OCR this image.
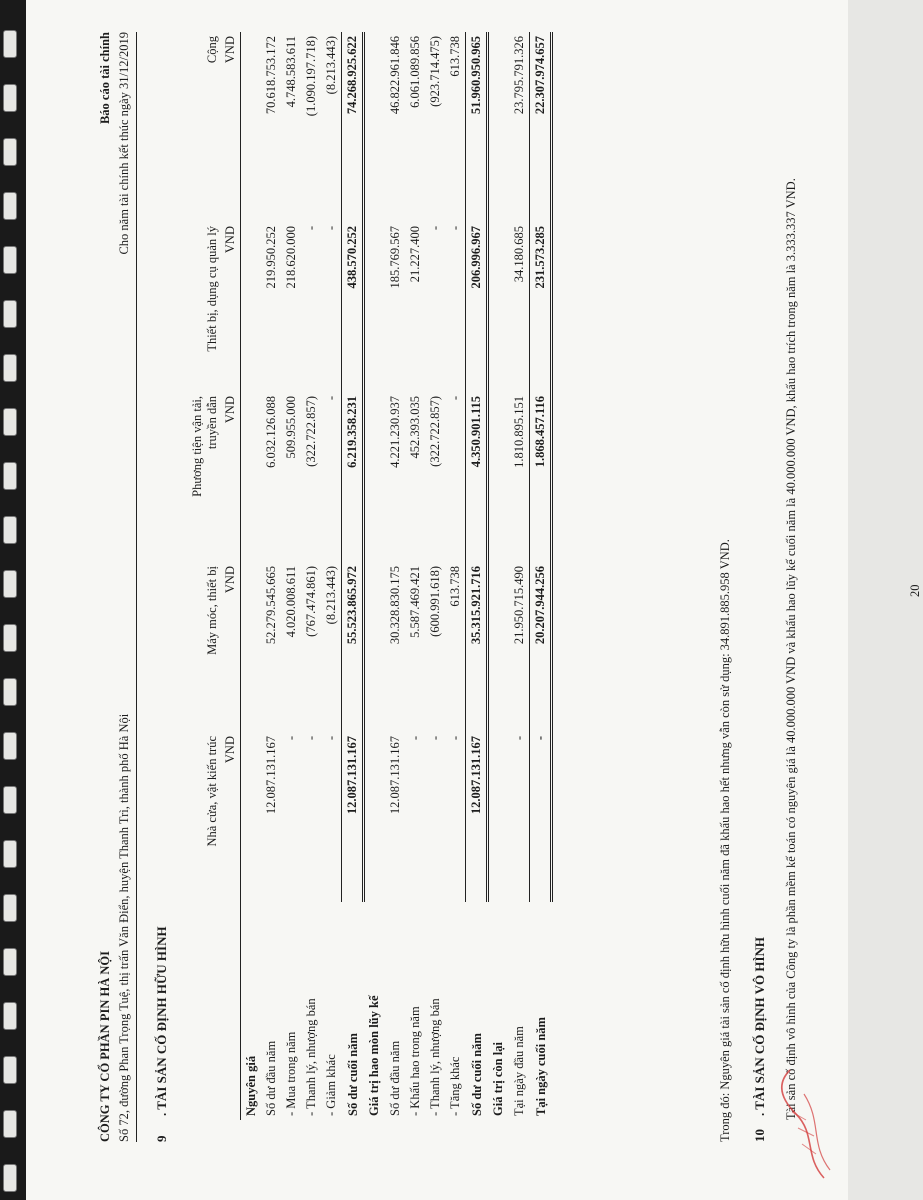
CÔNG TY CỔ PHẦN PIN HÀ NỘI Số 72, đường Phan Trọng Tuệ, thị trấn Văn Điển, huyện Thanh Trì, thành phố Hà Nội
Báo cáo tài chính Cho năm tài chính kết thúc ngày 31/12/2019
9. TÀI SẢN CỐ ĐỊNH HỮU HÌNH
	Nhà cửa, vật kiến trúc	Máy móc, thiết bị	Phương tiện vận tải, truyền dẫn	Thiết bị, dụng cụ quản lý	Cộng
	VND	VND	VND	VND	VND
Nguyên giá					
Số dư đầu năm	12.087.131.167	52.279.545.665	6.032.126.088	219.950.252	70.618.753.172
- Mua trong năm	-	4.020.008.611	509.955.000	218.620.000	4.748.583.611
- Thanh lý, nhượng bán	-	(767.474.861)	(322.722.857)	-	(1.090.197.718)
- Giảm khác	-	(8.213.443)	-	-	(8.213.443)
Số dư cuối năm	12.087.131.167	55.523.865.972	6.219.358.231	438.570.252	74.268.925.622
Giá trị hao mòn lũy kế					
Số dư đầu năm	12.087.131.167	30.328.830.175	4.221.230.937	185.769.567	46.822.961.846
- Khấu hao trong năm	-	5.587.469.421	452.393.035	21.227.400	6.061.089.856
- Thanh lý, nhượng bán	-	(600.991.618)	(322.722.857)	-	(923.714.475)
- Tăng khác	-	613.738	-	-	613.738
Số dư cuối năm	12.087.131.167	35.315.921.716	4.350.901.115	206.996.967	51.960.950.965
Giá trị còn lại					
Tại ngày đầu năm	-	21.950.715.490	1.810.895.151	34.180.685	23.795.791.326
Tại ngày cuối năm	-	20.207.944.256	1.868.457.116	231.573.285	22.307.974.657
Trong đó: Nguyên giá tài sản cố định hữu hình cuối năm đã khấu hao hết nhưng vẫn còn sử dụng: 34.891.885.958 VND. 10. TÀI SẢN CỐ ĐỊNH VÔ HÌNH Tài sản cố định vô hình của Công ty là phần mềm kế toán có nguyên giá là 40.000.000 VND và khấu hao lũy kế cuối năm là 40.000.000 VND, khấu hao trích trong năm là 3.333.337 VND.	20
